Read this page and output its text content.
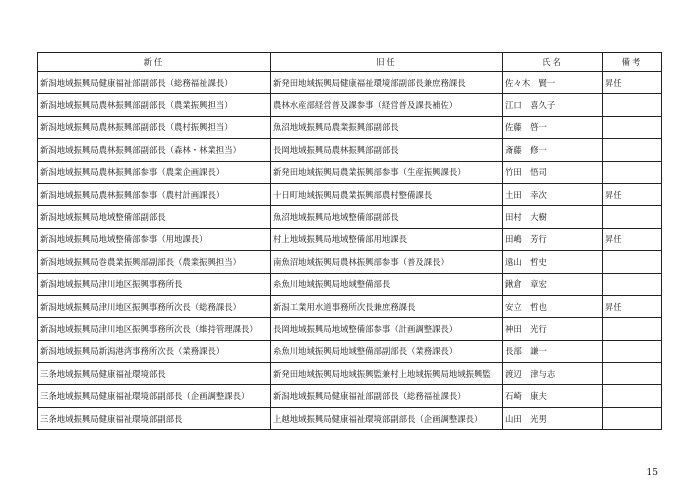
新任	旧任	氏名	備考
新潟地域振興局健康福祉部副部長（総務福祉課長）	新発田地域振興局健康福祉環境部副部長兼庶務課長	佐々木　賢一	昇任
新潟地域振興局農林振興部副部長（農業振興担当）	農林水産部経営普及課参事（経営普及課長補佐）	江口　喜久子	
新潟地域振興局農林振興部副部長（農村振興担当）	魚沼地域振興局農業振興部副部長	佐藤　啓一	
新潟地域振興局農林振興部副部長（森林・林業担当）	長岡地域振興局農林振興部副部長	斎藤　修一	
新潟地域振興局農林振興部参事（農業企画課長）	新発田地域振興局農業振興部参事（生産振興課長）	竹田　悟司	
新潟地域振興局農林振興部参事（農村計画課長）	十日町地域振興局農業振興部農村整備課長	土田　幸次	昇任
新潟地域振興局地域整備部副部長	魚沼地域振興局地域整備部副部長	田村　大樹	
新潟地域振興局地域整備部参事（用地課長）	村上地域振興局地域整備部用地課長	田嶋　芳行	昇任
新潟地域振興局巻農業振興部副部長（農業振興担当）	南魚沼地域振興局農林振興部参事（普及課長）	遠山　哲史	
新潟地域振興局津川地区振興事務所長	糸魚川地域振興局地域整備部長	鍬倉　章宏	
新潟地域振興局津川地区振興事務所次長（総務課長）	新潟工業用水道事務所次長兼庶務課長	安立　哲也	昇任
新潟地域振興局津川地区振興事務所次長（維持管理課長）	長岡地域振興局地域整備部参事（計画調整課長）	神田　光行	
新潟地域振興局新潟港湾事務所次長（業務課長）	糸魚川地域振興局地域整備部副部長（業務課長）	長部　謙一	
三条地域振興局健康福祉環境部長	新発田地域振興局地域振興監兼村上地域振興局地域振興監	渡辺　津与志	
三条地域振興局健康福祉環境部副部長（企画調整課長）	新潟地域振興局健康福祉部副部長（総務福祉課長）	石崎　康夫	
三条地域振興局健康福祉環境部副部長	上越地域振興局健康福祉環境部副部長（企画調整課長）	山田　光男	
15
